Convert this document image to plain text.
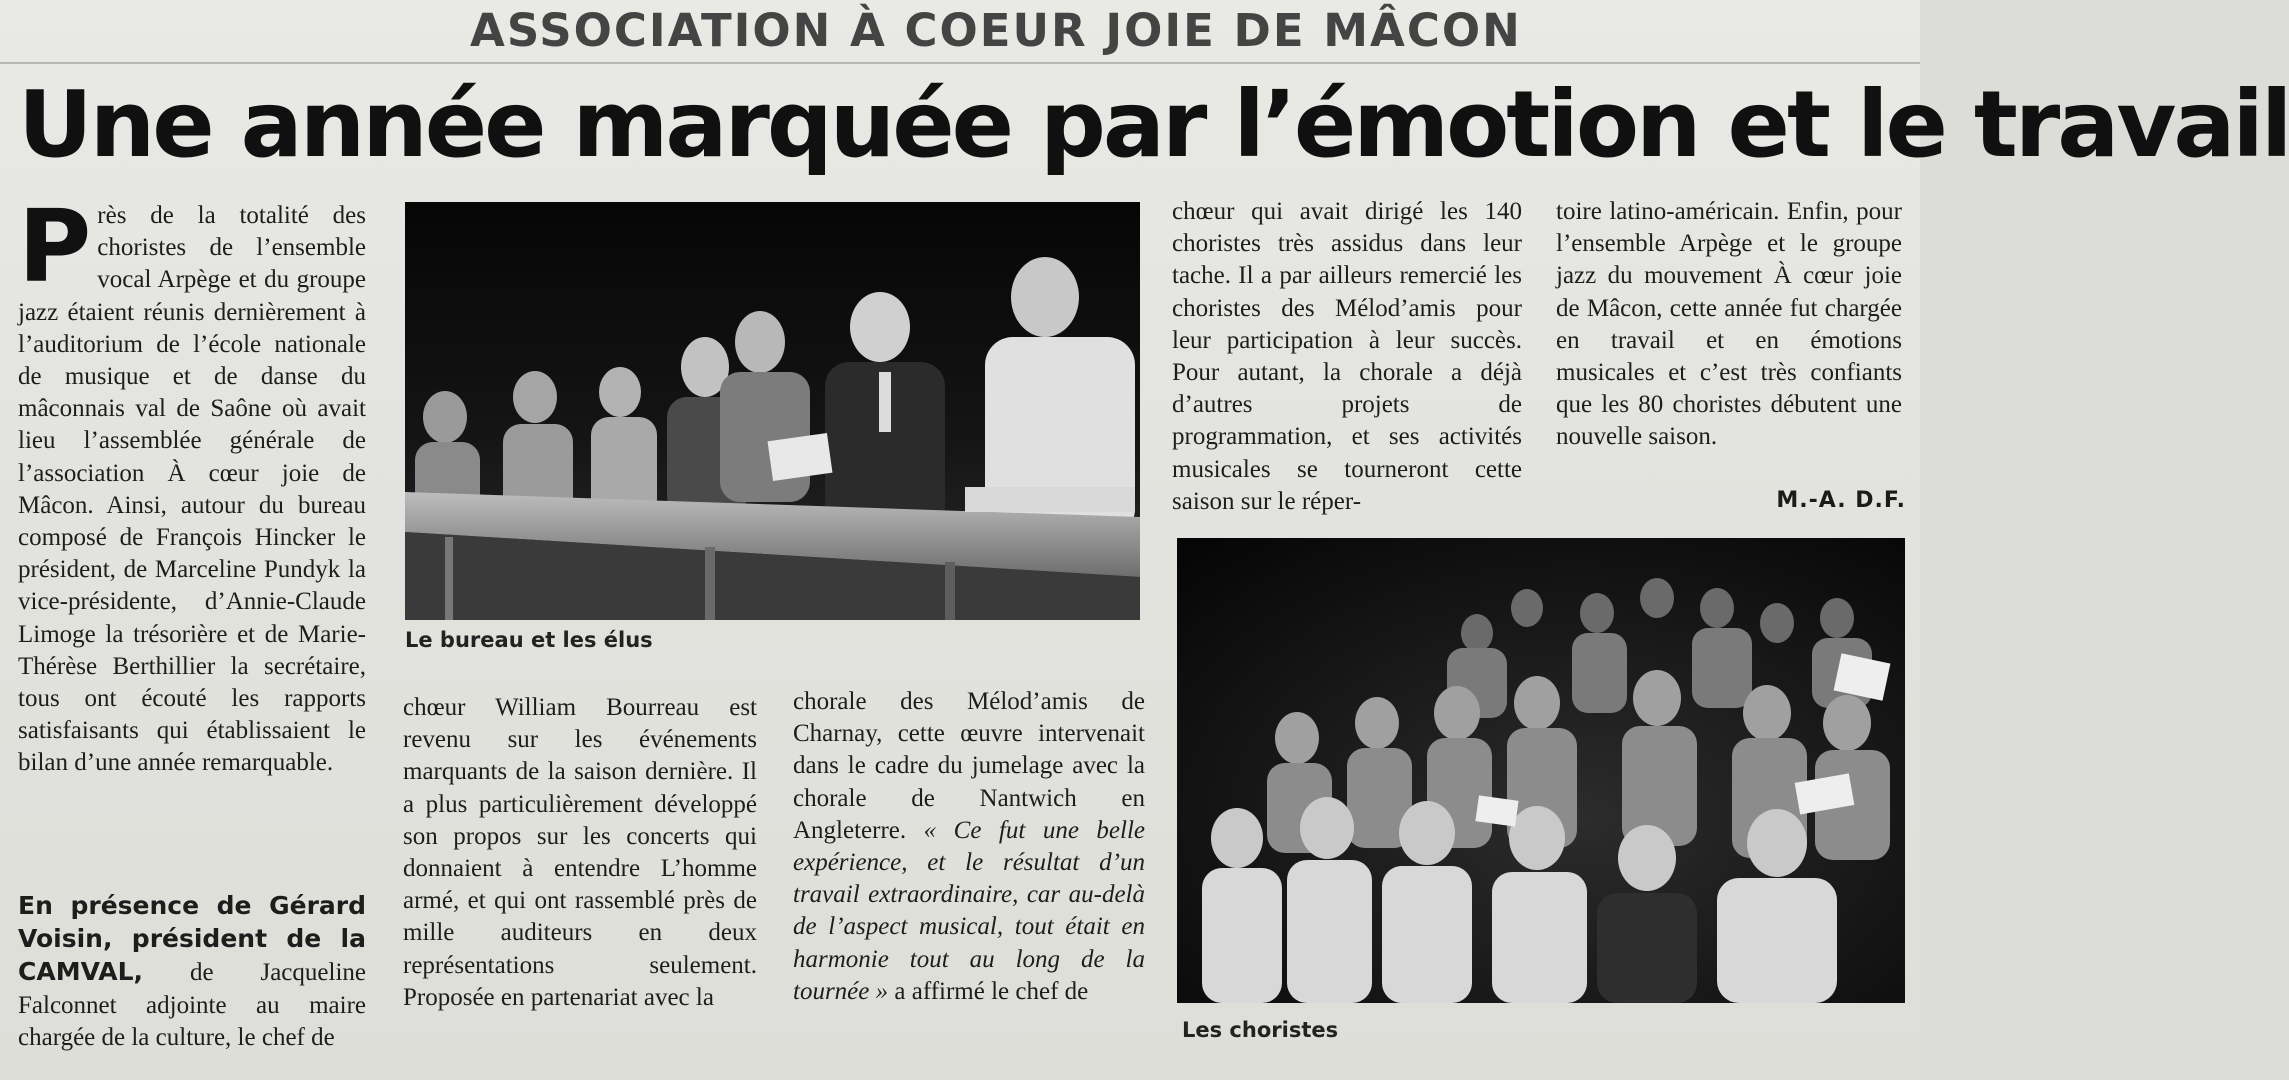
ASSOCIATION À COEUR JOIE DE MÂCON
Une année marquée par l’émotion et le travail

Près de la totalité des choristes de l’ensemble vocal Arpège et du groupe jazz étaient réunis dernièrement à l’auditorium de l’école nationale de musique et de danse du mâconnais val de Saône où avait lieu l’assemblée générale de l’association À cœur joie de Mâcon. Ainsi, autour du bureau composé de François Hincker le président, de Marceline Pundyk la vice-présidente, d’Annie-Claude Limoge la trésorière et de Marie-Thérèse Berthillier la secrétaire, tous ont écouté les rapports satisfaisants qui établissaient le bilan d’une année remarquable.

En présence de Gérard Voisin, président de la CAMVAL, de Jacqueline Falconnet adjointe au maire chargée de la culture, le chef de

Le bureau et les élus

chœur William Bourreau est revenu sur les événements marquants de la saison dernière. Il a plus particulièrement développé son propos sur les concerts qui donnaient à entendre L’homme armé, et qui ont rassemblé près de mille auditeurs en deux représentations seulement. Proposée en partenariat avec la

chorale des Mélod’amis de Charnay, cette œuvre intervenait dans le cadre du jumelage avec la chorale de Nantwich en Angleterre. « Ce fut une belle expérience, et le résultat d’un travail extraordinaire, car au-delà de l’aspect musical, tout était en harmonie tout au long de la tournée » a affirmé le chef de

chœur qui avait dirigé les 140 choristes très assidus dans leur tache. Il a par ailleurs remercié les choristes des Mélod’amis pour leur participation à leur succès. Pour autant, la chorale a déjà d’autres projets de programmation, et ses activités musicales se tourneront cette saison sur le réper-

toire latino-américain. Enfin, pour l’ensemble Arpège et le groupe jazz du mouvement À cœur joie de Mâcon, cette année fut chargée en travail et en émotions musicales et c’est très confiants que les 80 choristes débutent une nouvelle saison.

M.-A. D.F.
Les choristes
